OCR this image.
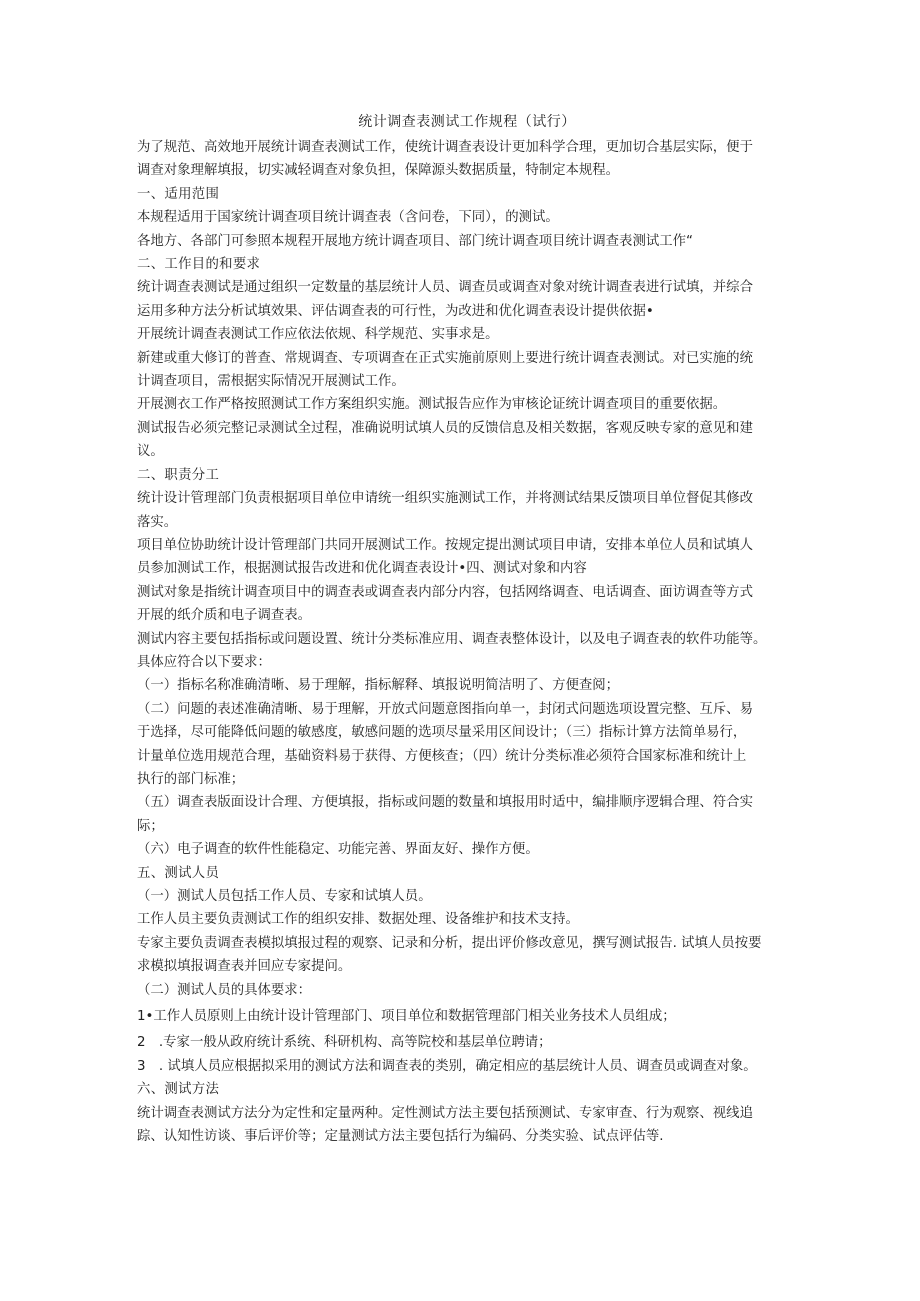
统计调查表测试工作规程（试行）

为了规范、高效地开展统计调查表测试工作，使统计调查表设计更加科学合理，更加切合基层实际，便于

调查对象理解填报，切实减轻调查对象负担，保障源头数据质量，特制定本规程。

一、适用范围

本规程适用于国家统计调查项目统计调查表（含问卷，下同），的测试。

各地方、各部门可参照本规程开展地方统计调查项目、部门统计调查项目统计调查表测试工作“

二、工作目的和要求

统计调查表测试是通过组织一定数量的基层统计人员、调查员或调查对象对统计调查表进行试填，并综合

运用多种方法分析试填效果、评估调查表的可行性，为改进和优化调查表设计提供依据•

开展统计调查表测试工作应依法依规、科学规范、实事求是。

新建或重大修订的普查、常规调查、专项调查在正式实施前原则上要进行统计调查表测试。对已实施的统

计调查项目，需根据实际情况开展测试工作。

开展测衣工作严格按照测试工作方案组织实施。测试报告应作为审核论证统计调查项目的重要依据。

测试报告必须完整记录测试全过程，准确说明试填人员的反馈信息及相关数据，客观反映专家的意见和建

议。

二、职责分工

统计设计管理部门负责根据项目单位申请统一组织实施测试工作，并将测试结果反馈项目单位督促其修改

落实。

项目单位协助统计设计管理部门共同开展测试工作。按规定提出测试项目申请，安排本单位人员和试填人

员参加测试工作，根据测试报告改进和优化调查表设计•四、测试对象和内容

测试对象是指统计调查项目中的调查表或调查表内部分内容，包括网络调查、电话调查、面访调查等方式

开展的纸介质和电子调查表。

测试内容主要包括指标或问题设置、统计分类标准应用、调查表整体设计，以及电子调查表的软件功能等。

具体应符合以下要求：

（一）指标名称准确清晰、易于理解，指标解释、填报说明简洁明了、方便查阅；

（二）问题的表述准确清晰、易于理解，开放式问题意图指向单一，封闭式问题选项设置完整、互斥、易

于选择，尽可能降低问题的敏感度，敏感问题的选项尽量采用区间设计；（三）指标计算方法简单易行，

计量单位选用规范合理，基础资料易于获得、方便核查；（四）统计分类标准必须符合国家标准和统计上

执行的部门标准；

（五）调查表版面设计合理、方便填报，指标或问题的数量和填报用时适中，编排顺序逻辑合理、符合实

际；

（六）电子调查的软件性能稳定、功能完善、界面友好、操作方便。

五、测试人员

（一）测试人员包括工作人员、专家和试填人员。

工作人员主要负责测试工作的组织安排、数据处理、设备维护和技术支持。

专家主要负责调查表模拟填报过程的观察、记录和分析，提出评价修改意见，撰写测试报告. 试填人员按要

求模拟填报调查表并回应专家提问。

（二）测试人员的具体要求：

1•工作人员原则上由统计设计管理部门、项目单位和数据管理部门相关业务技术人员组成；

2　.专家一般从政府统计系统、科研机构、高等院校和基层单位聘请；

3　. 试填人员应根据拟采用的测试方法和调查表的类别，确定相应的基层统计人员、调查员或调查对象。

六、测试方法

统计调查表测试方法分为定性和定量两种。定性测试方法主要包括预测试、专家审查、行为观察、视线追

踪、认知性访谈、事后评价等；定量测试方法主要包括行为编码、分类实验、试点评估等.
